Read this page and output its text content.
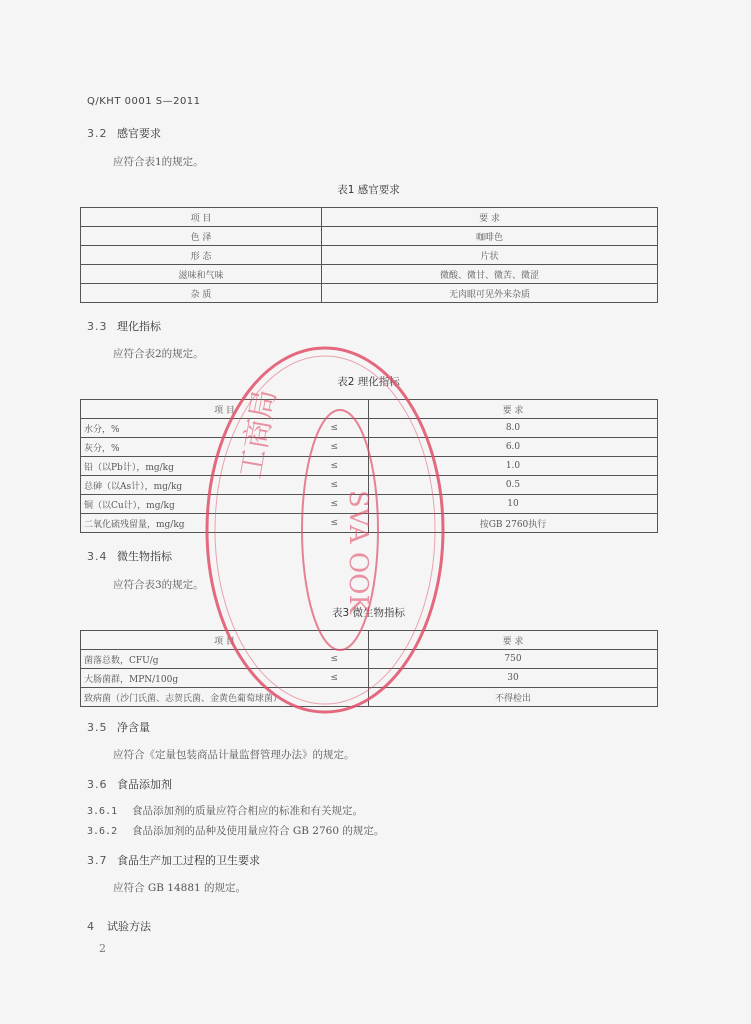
Q/KHT 0001 S—2011
3.2 感官要求
应符合表1的规定。
表1 感官要求
项 目	要 求
色 泽	咖啡色
形 态	片状
滋味和气味	微酸、微甘、微苦、微涩
杂 质	无肉眼可见外来杂质
3.3 理化指标
应符合表2的规定。
表2 理化指标
项 目		要 求
水分，%	≤	8.0
灰分，%	≤	6.0
铅（以Pb计），mg/kg	≤	1.0
总砷（以As计），mg/kg	≤	0.5
铜（以Cu计），mg/kg	≤	10
二氧化硫残留量，mg/kg	≤	按GB 2760执行
3.4 微生物指标
应符合表3的规定。
表3 微生物指标
项 目		要 求
菌落总数，CFU/g	≤	750
大肠菌群，MPN/100g	≤	30
致病菌（沙门氏菌、志贺氏菌、金黄色葡萄球菌）		不得检出
3.5 净含量
应符合《定量包装商品计量监督管理办法》的规定。
3.6 食品添加剂
3.6.1 食品添加剂的质量应符合相应的标准和有关规定。
3.6.2 食品添加剂的品种及使用量应符合 GB 2760 的规定。
3.7 食品生产加工过程的卫生要求
应符合 GB 14881 的规定。
4 试验方法
2
工商局
SVA OOK
